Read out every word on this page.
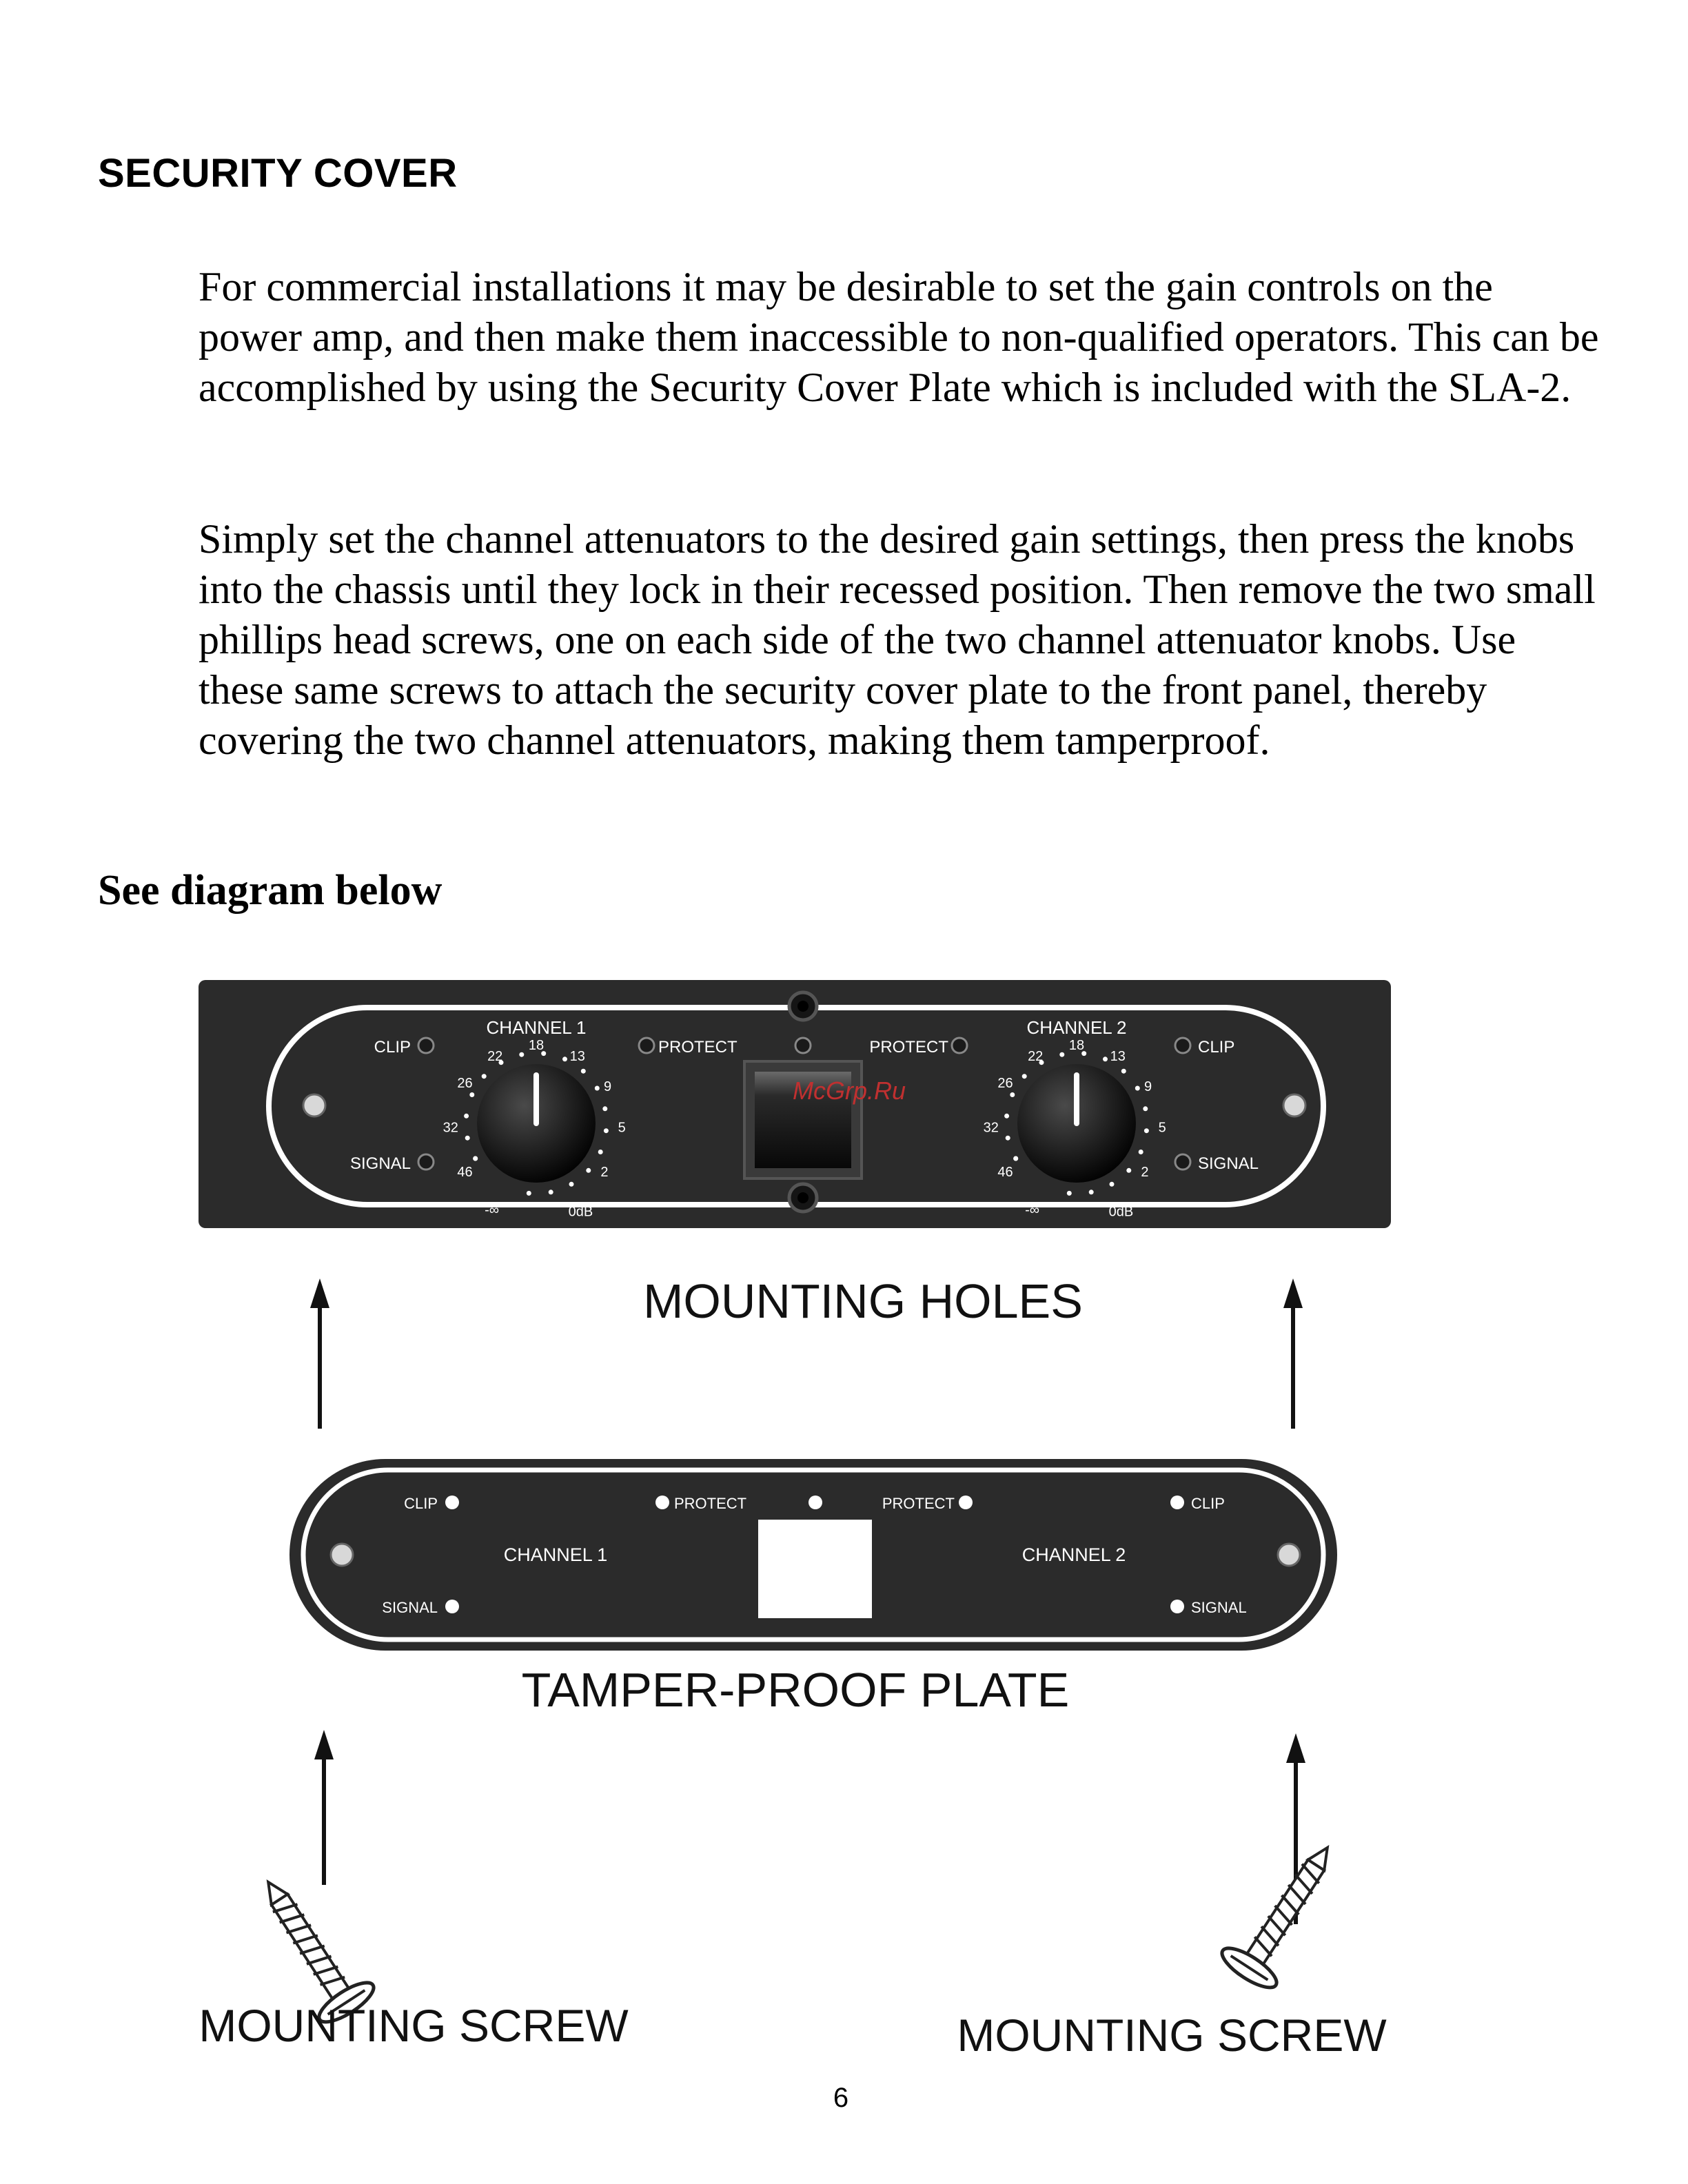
SECURITY COVER

For commercial installations it may be desirable to set the gain controls on the power amp, and then make them inaccessible to non-qualified operators. This can be accomplished by using the Security Cover Plate which is included with the SLA-2.

Simply set the channel attenuators to the desired gain settings, then press the knobs into the chassis until they lock in their recessed position. Then remove the two small phillips head screws, one on each side of the two channel attenuator knobs. Use these same screws to attach the security cover plate to the front panel, thereby covering the two channel attenuators, making them tamperproof.

See diagram below
CLIP
SIGNAL
PROTECT	PROTECT	CLIP
SIGNAL
CHANNEL 1	CHANNEL 2
22
18
13
26	9
32	5
46	2
-∞	0dB
22
18
13
26	9
32	5
46	2
-∞	0dB
McGrp.Ru
MOUNTING HOLES
CLIP
SIGNAL
PROTECT	PROTECT	CLIP
SIGNAL
CHANNEL 1	CHANNEL 2
TAMPER-PROOF PLATE
MOUNTING SCREW	MOUNTING SCREW
6
